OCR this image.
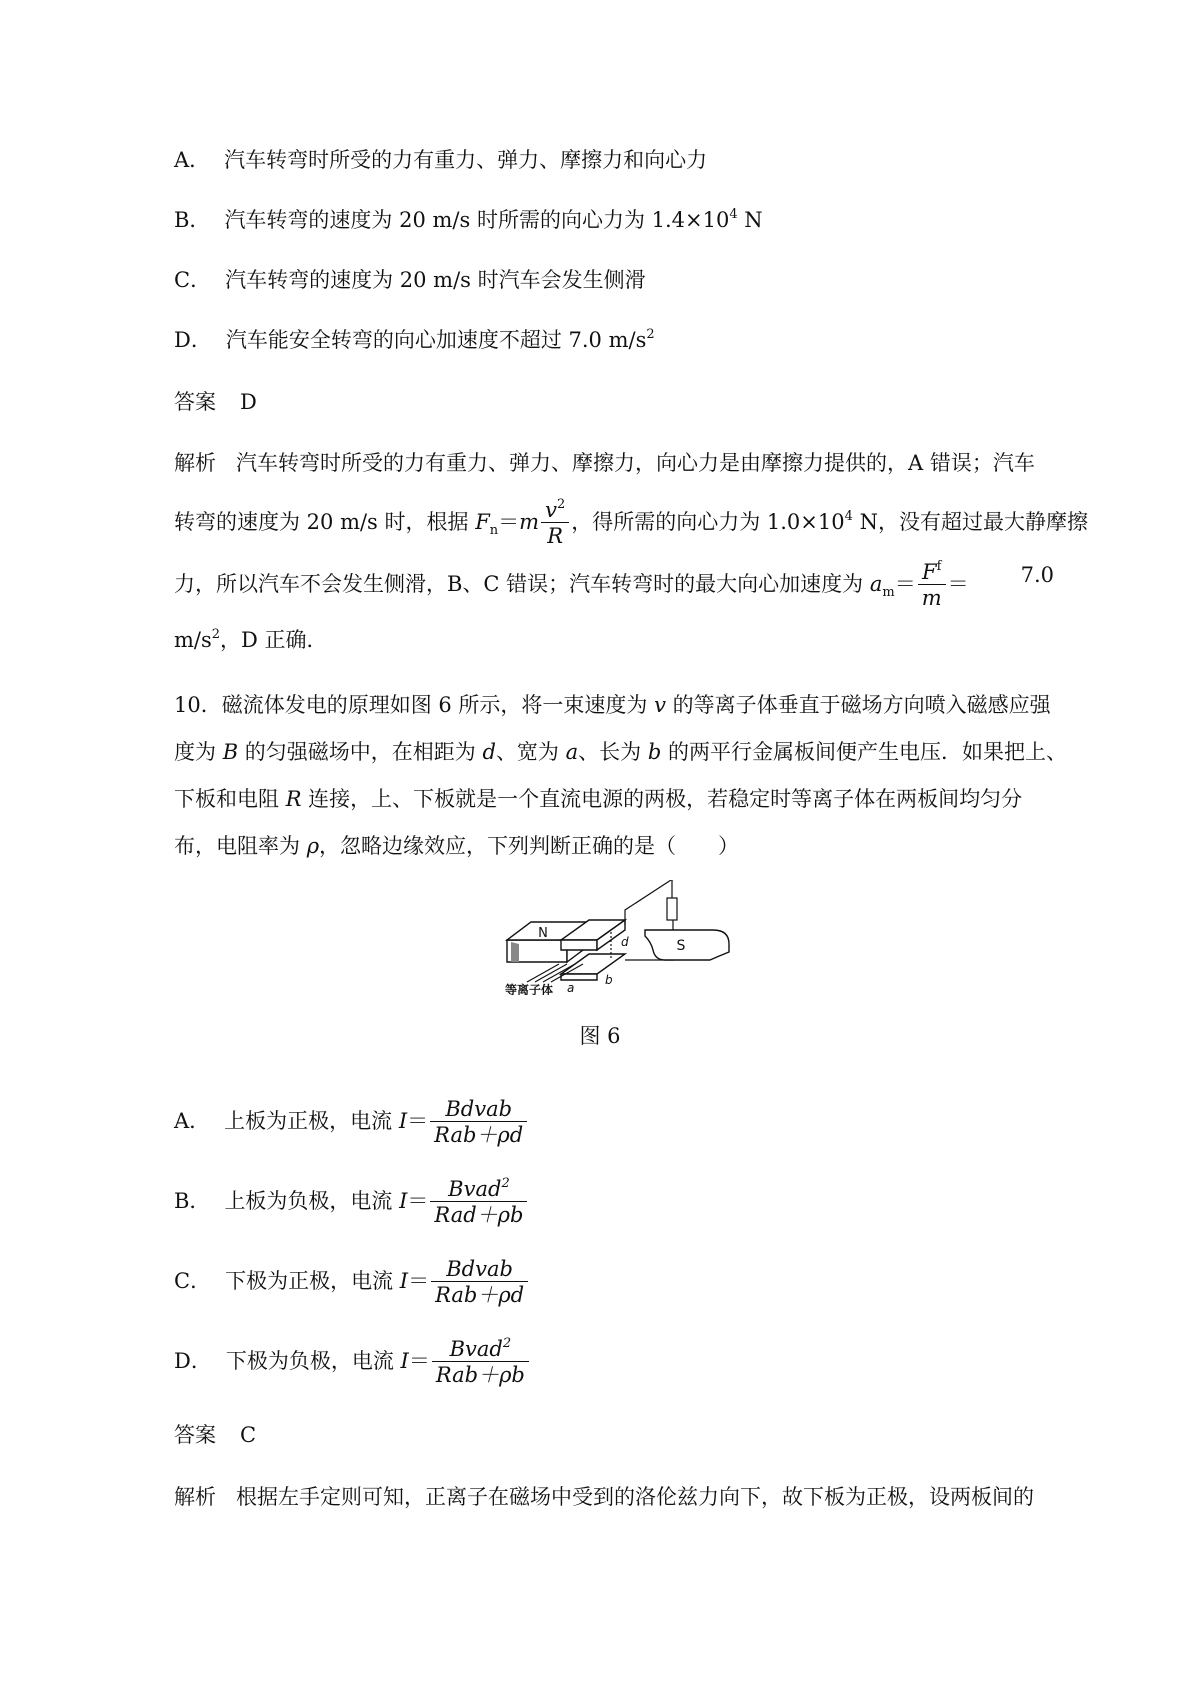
A． 汽车转弯时所受的力有重力、弹力、摩擦力和向心力
B． 汽车转弯的速度为 20 m/s 时所需的向心力为 $1.4\times 10^4$ N
C． 汽车转弯的速度为 20 m/s 时汽车会发生侧滑
D． 汽车能安全转弯的向心加速度不超过 7.0 $m/s^2$
答案 D
解析 汽车转弯时所受的力有重力、弹力、摩擦力，向心力是由摩擦力提供的，A 错误；汽车
转弯的速度为 20 m/s 时，根据 $F_n=m \frac{v^2}{R}$ ，得所需的向心力为 $1.0\times 10^4$ N，没有超过最大静摩擦
力，所以汽车不会发生侧滑，B、C 错误；汽车转弯时的最大向心加速度为 $a_m= \frac{F^f}{m} = 7.0$
$m/s^2$，D 正确．
10．磁流体发电的原理如图 6 所示，将一束速度为 v 的等离子体垂直于磁场方向喷入磁感应强
度为 B 的匀强磁场中，在相距为 d、宽为 a、长为 b 的两平行金属板间便产生电压．如果把上、
下板和电阻 R 连接，上、下板就是一个直流电源的两极，若稳定时等离子体在两板间均匀分
布，电阻率为 ρ，忽略边缘效应，下列判断正确的是（　　）
N
S
d
a
b
等离子体
图 6
A． 上板为正极，电流 $I= \frac{\text{Bdvab}}{\text{Rab＋ρd}}$
B． 上板为负极，电流 $I= \frac{Bvad^2}{\text{Rad＋ρb}}$
C． 下极为正极，电流 $I= \frac{\text{Bdvab}}{\text{Rab＋ρd}}$
D． 下极为负极，电流 $I= \frac{Bvad^2}{\text{Rab＋ρb}}$
答案 C
解析 根据左手定则可知，正离子在磁场中受到的洛伦兹力向下，故下板为正极，设两板间的
